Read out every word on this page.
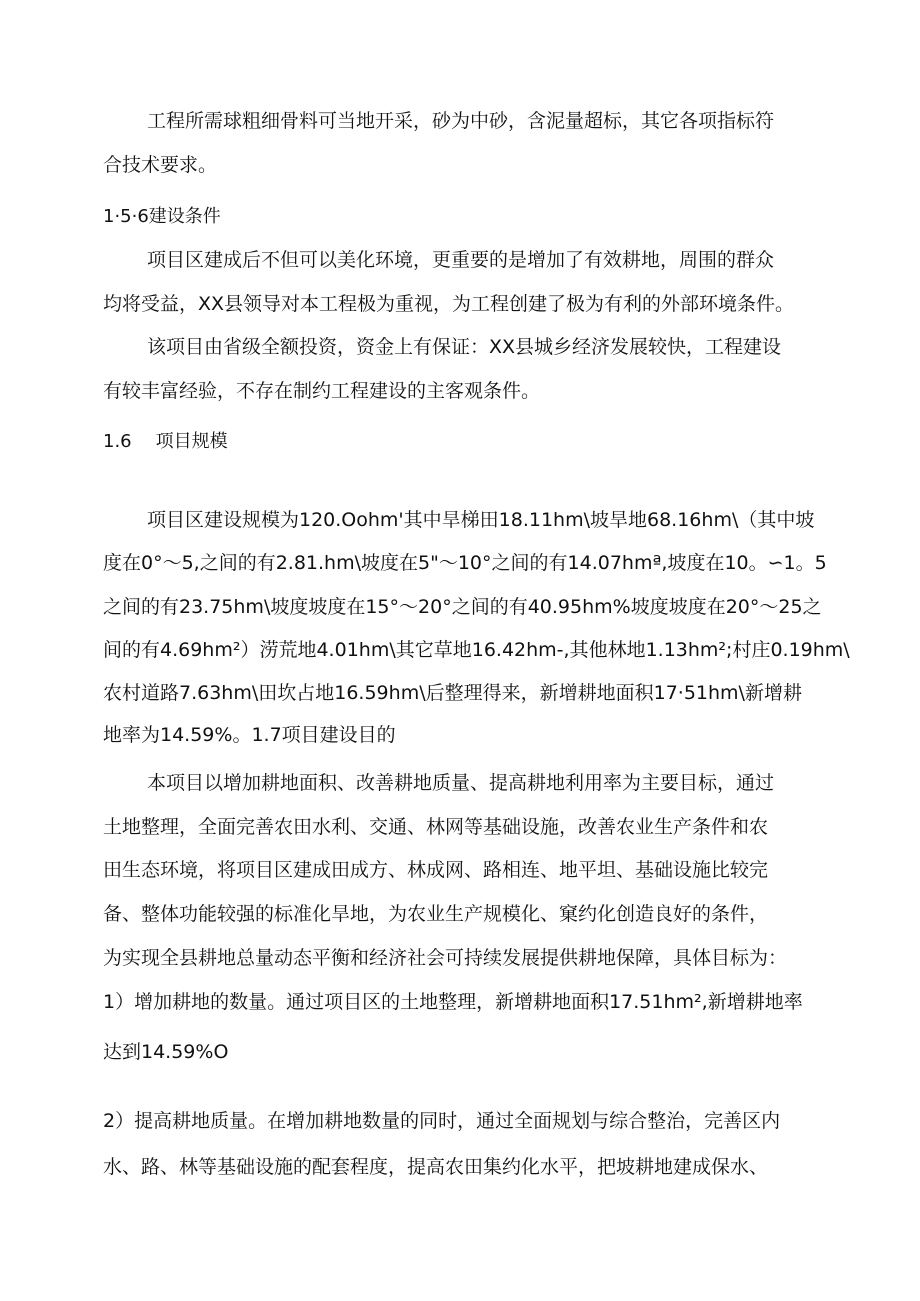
工程所需球粗细骨料可当地开采，砂为中砂，含泥量超标，其它各项指标符
合技术要求。
1·5·6建设条件
项目区建成后不但可以美化环境，更重要的是增加了有效耕地，周围的群众
均将受益，XX县领导对本工程极为重视，为工程创建了极为有利的外部环境条件。
该项目由省级全额投资，资金上有保证：XX县城乡经济发展较快，工程建设
有较丰富经验，不存在制约工程建设的主客观条件。
1.6 项目规模
项目区建设规模为120.Oohm'其中旱梯田18.11hm\坡旱地68.16hm\（其中坡
度在0°～5,之间的有2.81.hm\坡度在5"～10°之间的有14.07hmª,坡度在10。∽1。5
之间的有23.75hm\坡度坡度在15°～20°之间的有40.95hm%坡度坡度在20°～25之
间的有4.69hm²）涝荒地4.01hm\其它草地16.42hm-,其他林地1.13hm²;村庄0.19hm\
农村道路7.63hm\田坎占地16.59hm\后整理得来，新增耕地面积17·51hm\新增耕
地率为14.59%。1.7项目建设目的
本项目以增加耕地面积、改善耕地质量、提高耕地利用率为主要目标，通过
土地整理，全面完善农田水利、交通、林网等基础设施，改善农业生产条件和农
田生态环境，将项目区建成田成方、林成网、路相连、地平坦、基础设施比较完
备、整体功能较强的标准化旱地，为农业生产规模化、窠约化创造良好的条件，
为实现全县耕地总量动态平衡和经济社会可持续发展提供耕地保障，具体目标为：
1）增加耕地的数量。通过项目区的土地整理，新增耕地面积17.51hm²,新增耕地率
达到14.59%O
2）提高耕地质量。在增加耕地数量的同时，通过全面规划与综合整治，完善区内
水、路、林等基础设施的配套程度，提高农田集约化水平，把坡耕地建成保水、
